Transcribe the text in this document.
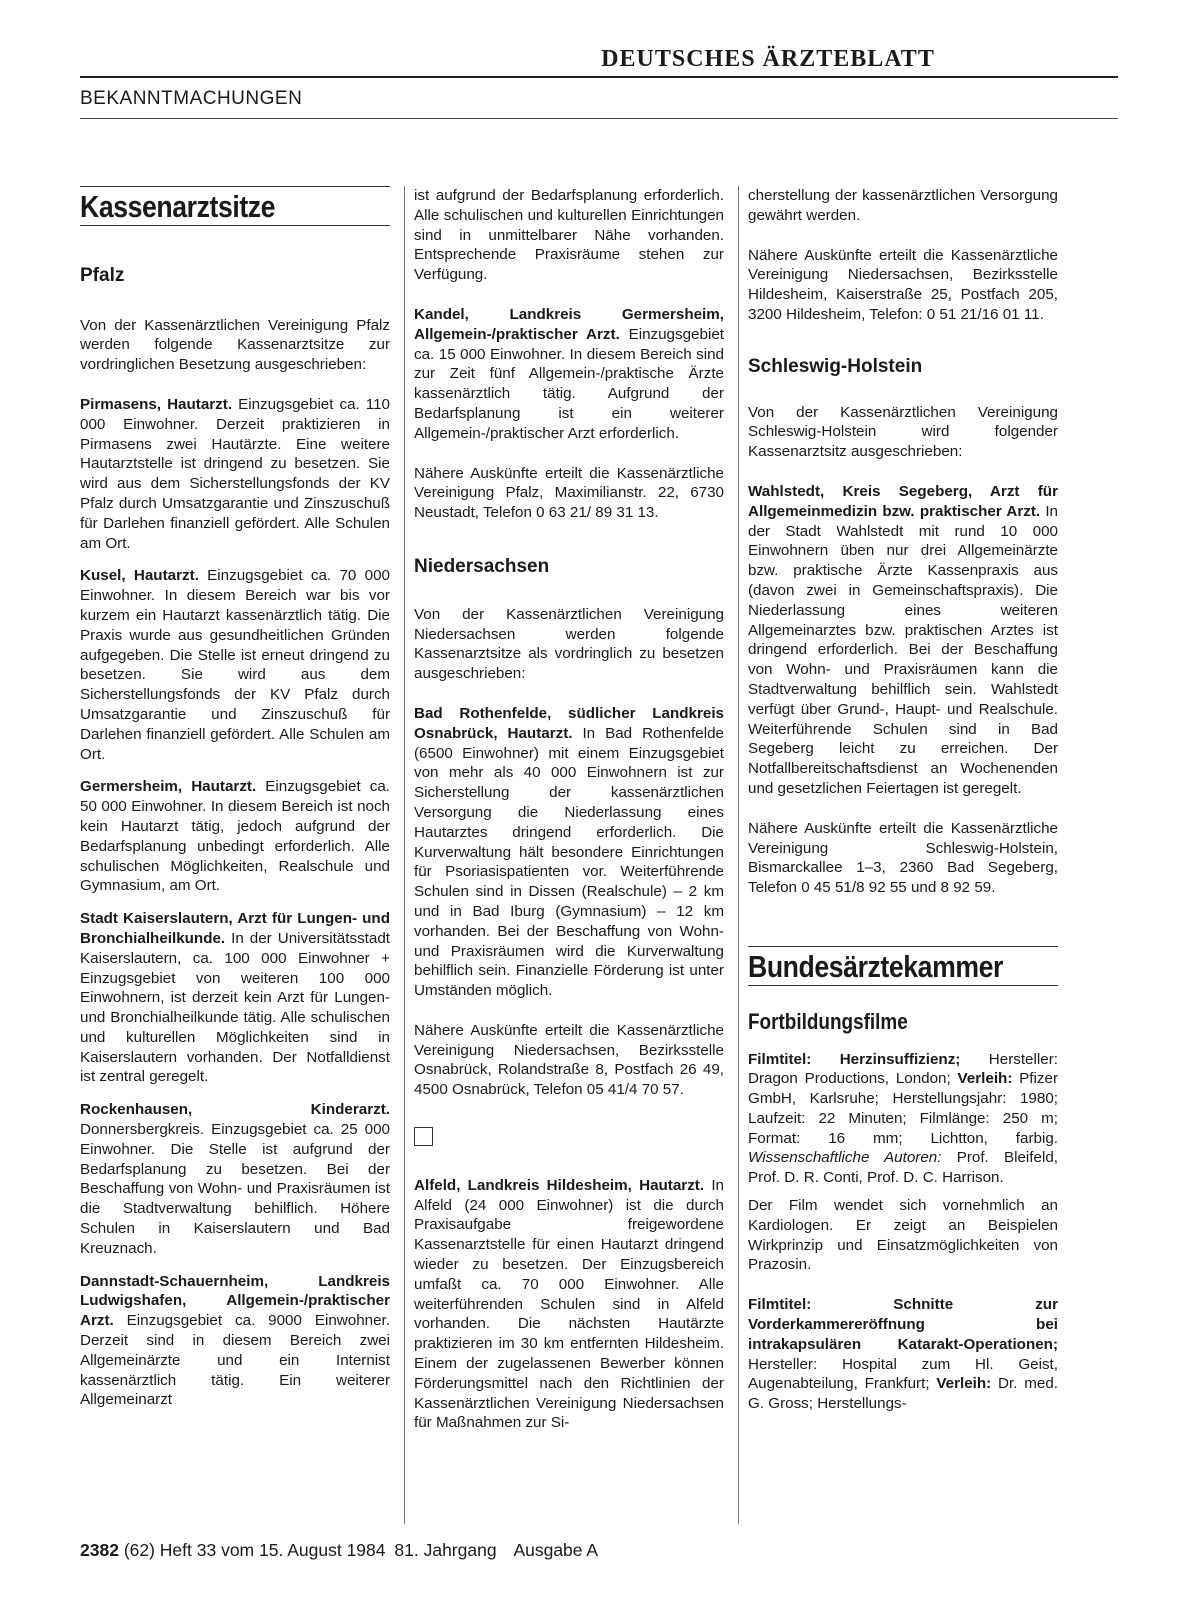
DEUTSCHES ÄRZTEBLATT
BEKANNTMACHUNGEN
Kassenarztsitze
Pfalz

Von der Kassenärztlichen Vereinigung Pfalz werden folgende Kassenarztsitze zur vordringlichen Besetzung ausgeschrieben:

Pirmasens, Hautarzt. Einzugsgebiet ca. 110 000 Einwohner. Derzeit praktizieren in Pirmasens zwei Hautärzte. Eine weitere Hautarztstelle ist dringend zu besetzen. Sie wird aus dem Sicherstellungsfonds der KV Pfalz durch Umsatzgarantie und Zinszuschuß für Darlehen finanziell gefördert. Alle Schulen am Ort.

Kusel, Hautarzt. Einzugsgebiet ca. 70 000 Einwohner. In diesem Bereich war bis vor kurzem ein Hautarzt kassenärztlich tätig. Die Praxis wurde aus gesundheitlichen Gründen aufgegeben. Die Stelle ist erneut dringend zu besetzen. Sie wird aus dem Sicherstellungsfonds der KV Pfalz durch Umsatzgarantie und Zinszuschuß für Darlehen finanziell gefördert. Alle Schulen am Ort.

Germersheim, Hautarzt. Einzugsgebiet ca. 50 000 Einwohner. In diesem Bereich ist noch kein Hautarzt tätig, jedoch aufgrund der Bedarfsplanung unbedingt erforderlich. Alle schulischen Möglichkeiten, Realschule und Gymnasium, am Ort.

Stadt Kaiserslautern, Arzt für Lungen- und Bronchialheilkunde. In der Universitätsstadt Kaiserslautern, ca. 100 000 Einwohner + Einzugsgebiet von weiteren 100 000 Einwohnern, ist derzeit kein Arzt für Lungen- und Bronchialheilkunde tätig. Alle schulischen und kulturellen Möglichkeiten sind in Kaiserslautern vorhanden. Der Notfalldienst ist zentral geregelt.

Rockenhausen, Kinderarzt. Donnersbergkreis. Einzugsgebiet ca. 25 000 Einwohner. Die Stelle ist aufgrund der Bedarfsplanung zu besetzen. Bei der Beschaffung von Wohn- und Praxisräumen ist die Stadtverwaltung behilflich. Höhere Schulen in Kaiserslautern und Bad Kreuznach.

Dannstadt-Schauernheim, Landkreis Ludwigshafen, Allgemein-/praktischer Arzt. Einzugsgebiet ca. 9000 Einwohner. Derzeit sind in diesem Bereich zwei Allgemeinärzte und ein Internist kassenärztlich tätig. Ein weiterer Allgemeinarzt

ist aufgrund der Bedarfsplanung erforderlich. Alle schulischen und kulturellen Einrichtungen sind in unmittelbarer Nähe vorhanden. Entsprechende Praxisräume stehen zur Verfügung.

Kandel, Landkreis Germersheim, Allgemein-/praktischer Arzt. Einzugsgebiet ca. 15 000 Einwohner. In diesem Bereich sind zur Zeit fünf Allgemein-/praktische Ärzte kassenärztlich tätig. Aufgrund der Bedarfsplanung ist ein weiterer Allgemein-/praktischer Arzt erforderlich.

Nähere Auskünfte erteilt die Kassenärztliche Vereinigung Pfalz, Maximilianstr. 22, 6730 Neustadt, Telefon 0 63 21/ 89 31 13.

Niedersachsen

Von der Kassenärztlichen Vereinigung Niedersachsen werden folgende Kassenarztsitze als vordringlich zu besetzen ausgeschrieben:

Bad Rothenfelde, südlicher Landkreis Osnabrück, Hautarzt. In Bad Rothenfelde (6500 Einwohner) mit einem Einzugsgebiet von mehr als 40 000 Einwohnern ist zur Sicherstellung der kassenärztlichen Versorgung die Niederlassung eines Hautarztes dringend erforderlich. Die Kurverwaltung hält besondere Einrichtungen für Psoriasispatienten vor. Weiterführende Schulen sind in Dissen (Realschule) – 2 km und in Bad Iburg (Gymnasium) – 12 km vorhanden. Bei der Beschaffung von Wohn- und Praxisräumen wird die Kurverwaltung behilflich sein. Finanzielle Förderung ist unter Umständen möglich.

Nähere Auskünfte erteilt die Kassenärztliche Vereinigung Niedersachsen, Bezirksstelle Osnabrück, Rolandstraße 8, Postfach 26 49, 4500 Osnabrück, Telefon 05 41/4 70 57.

Alfeld, Landkreis Hildesheim, Hautarzt. In Alfeld (24 000 Einwohner) ist die durch Praxisaufgabe freigewordene Kassenarztstelle für einen Hautarzt dringend wieder zu besetzen. Der Einzugsbereich umfaßt ca. 70 000 Einwohner. Alle weiterführenden Schulen sind in Alfeld vorhanden. Die nächsten Hautärzte praktizieren im 30 km entfernten Hildesheim. Einem der zugelassenen Bewerber können Förderungsmittel nach den Richtlinien der Kassenärztlichen Vereinigung Niedersachsen für Maßnahmen zur Si-

cherstellung der kassenärztlichen Versorgung gewährt werden.

Nähere Auskünfte erteilt die Kassenärztliche Vereinigung Niedersachsen, Bezirksstelle Hildesheim, Kaiserstraße 25, Postfach 205, 3200 Hildesheim, Telefon: 0 51 21/16 01 11.

Schleswig-Holstein

Von der Kassenärztlichen Vereinigung Schleswig-Holstein wird folgender Kassenarztsitz ausgeschrieben:

Wahlstedt, Kreis Segeberg, Arzt für Allgemeinmedizin bzw. praktischer Arzt. In der Stadt Wahlstedt mit rund 10 000 Einwohnern üben nur drei Allgemeinärzte bzw. praktische Ärzte Kassenpraxis aus (davon zwei in Gemeinschaftspraxis). Die Niederlassung eines weiteren Allgemeinarztes bzw. praktischen Arztes ist dringend erforderlich. Bei der Beschaffung von Wohn- und Praxisräumen kann die Stadtverwaltung behilflich sein. Wahlstedt verfügt über Grund-, Haupt- und Realschule. Weiterführende Schulen sind in Bad Segeberg leicht zu erreichen. Der Notfallbereitschaftsdienst an Wochenenden und gesetzlichen Feiertagen ist geregelt.

Nähere Auskünfte erteilt die Kassenärztliche Vereinigung Schleswig-Holstein, Bismarckallee 1–3, 2360 Bad Segeberg, Telefon 0 45 51/8 92 55 und 8 92 59.

Bundesärztekammer
Fortbildungsfilme

Filmtitel: Herzinsuffizienz; Hersteller: Dragon Productions, London; Verleih: Pfizer GmbH, Karlsruhe; Herstellungsjahr: 1980; Laufzeit: 22 Minuten; Filmlänge: 250 m; Format: 16 mm; Lichtton, farbig. Wissenschaftliche Autoren: Prof. Bleifeld, Prof. D. R. Conti, Prof. D. C. Harrison.

Der Film wendet sich vornehmlich an Kardiologen. Er zeigt an Beispielen Wirkprinzip und Einsatzmöglichkeiten von Prazosin.

Filmtitel: Schnitte zur Vorderkammereröffnung bei intrakapsulären Katarakt-Operationen; Hersteller: Hospital zum Hl. Geist, Augenabteilung, Frankfurt; Verleih: Dr. med. G. Gross; Herstellungs-

2382 (62) Heft 33 vom 15. August 1984 81. Jahrgang Ausgabe A
